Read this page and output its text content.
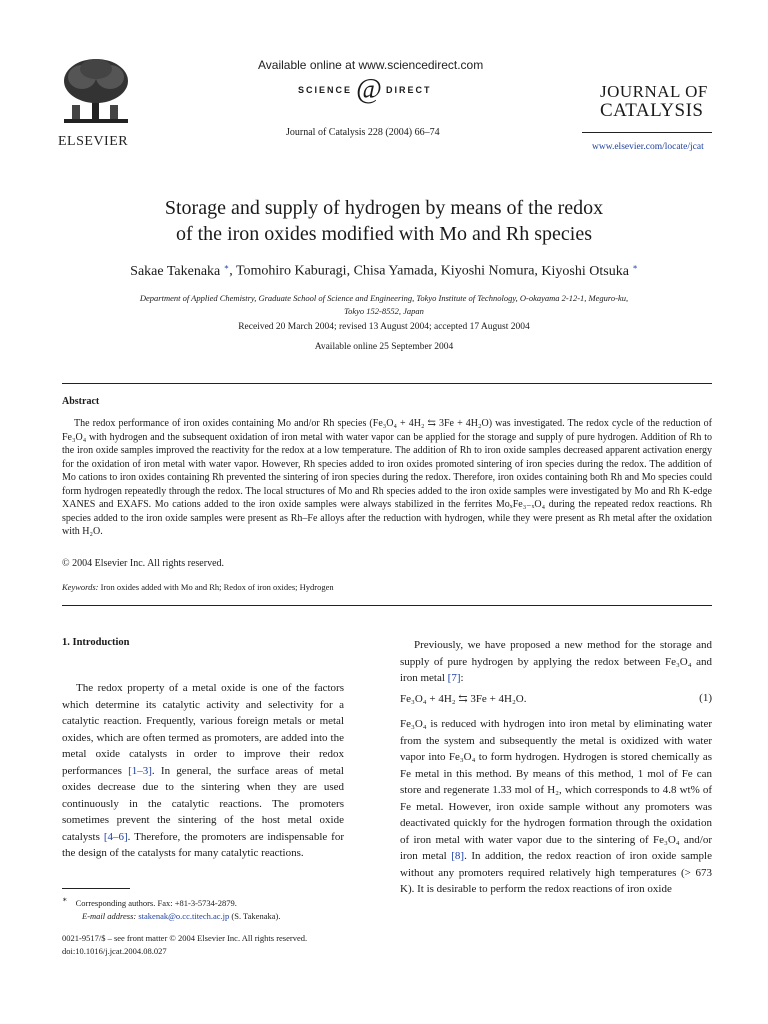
ELSEVIER
Available online at www.sciencedirect.com
SCIENCE @ DIRECT
Journal of Catalysis 228 (2004) 66–74
JOURNAL OF
CATALYSIS
www.elsevier.com/locate/jcat
Storage and supply of hydrogen by means of the redox
of the iron oxides modified with Mo and Rh species
Sakae Takenaka ∗, Tomohiro Kaburagi, Chisa Yamada, Kiyoshi Nomura, Kiyoshi Otsuka ∗
Department of Applied Chemistry, Graduate School of Science and Engineering, Tokyo Institute of Technology, O-okayama 2-12-1, Meguro-ku,
Tokyo 152-8552, Japan
Received 20 March 2004; revised 13 August 2004; accepted 17 August 2004
Available online 25 September 2004
Abstract
The redox performance of iron oxides containing Mo and/or Rh species (Fe₃O₄ + 4H₂ ⇆ 3Fe + 4H₂O) was investigated. The redox cycle of the reduction of Fe₃O₄ with hydrogen and the subsequent oxidation of iron metal with water vapor can be applied for the storage and supply of pure hydrogen. Addition of Rh to the iron oxide samples improved the reactivity for the redox at a low temperature. The addition of Rh to iron oxide samples decreased apparent activation energy for the oxidation of iron metal with water vapor. However, Rh species added to iron oxides promoted sintering of iron species during the redox. The addition of Mo cations to iron oxides containing Rh prevented the sintering of iron species during the redox. Therefore, iron oxides containing both Rh and Mo species could form hydrogen repeatedly through the redox. The local structures of Mo and Rh species added to the iron oxide samples were investigated by Mo and Rh K-edge XANES and EXAFS. Mo cations added to the iron oxide samples were always stabilized in the ferrites MoₓFe₃₋ₓO₄ during the repeated redox reactions. Rh species added to the iron oxide samples were present as Rh–Fe alloys after the reduction with hydrogen, while they were present as Rh metal after the oxidation with H₂O.
© 2004 Elsevier Inc. All rights reserved.
Keywords: Iron oxides added with Mo and Rh; Redox of iron oxides; Hydrogen
1. Introduction
The redox property of a metal oxide is one of the factors which determine its catalytic activity and selectivity for a catalytic reaction. Frequently, various foreign metals or metal oxides, which are often termed as promoters, are added into the metal oxide catalysts in order to improve their redox performances [1–3]. In general, the surface areas of metal oxides decrease due to the sintering when they are used continuously in the catalytic reactions. The promoters sometimes prevent the sintering of the host metal oxide catalysts [4–6]. Therefore, the promoters are indispensable for the design of the catalysts for many catalytic reactions.
∗ Corresponding authors. Fax: +81-3-5734-2879.
E-mail address: stakenak@o.cc.titech.ac.jp (S. Takenaka).
0021-9517/$ – see front matter © 2004 Elsevier Inc. All rights reserved.
doi:10.1016/j.jcat.2004.08.027
Previously, we have proposed a new method for the storage and supply of pure hydrogen by applying the redox between Fe₃O₄ and iron metal [7]:
Fe₃O₄ + 4H₂ ⇆ 3Fe + 4H₂O.	(1)
Fe₃O₄ is reduced with hydrogen into iron metal by eliminating water from the system and subsequently the metal is oxidized with water vapor into Fe₃O₄ to form hydrogen. Hydrogen is stored chemically as Fe metal in this method. By means of this method, 1 mol of Fe can store and regenerate 1.33 mol of H₂, which corresponds to 4.8 wt% of Fe metal. However, iron oxide sample without any promoters was deactivated quickly for the hydrogen formation through the oxidation of iron metal with water vapor due to the sintering of Fe₃O₄ and/or iron metal [8]. In addition, the redox reaction of iron oxide sample without any promoters required relatively high temperatures (> 673 K). It is desirable to perform the redox reactions of iron oxide
